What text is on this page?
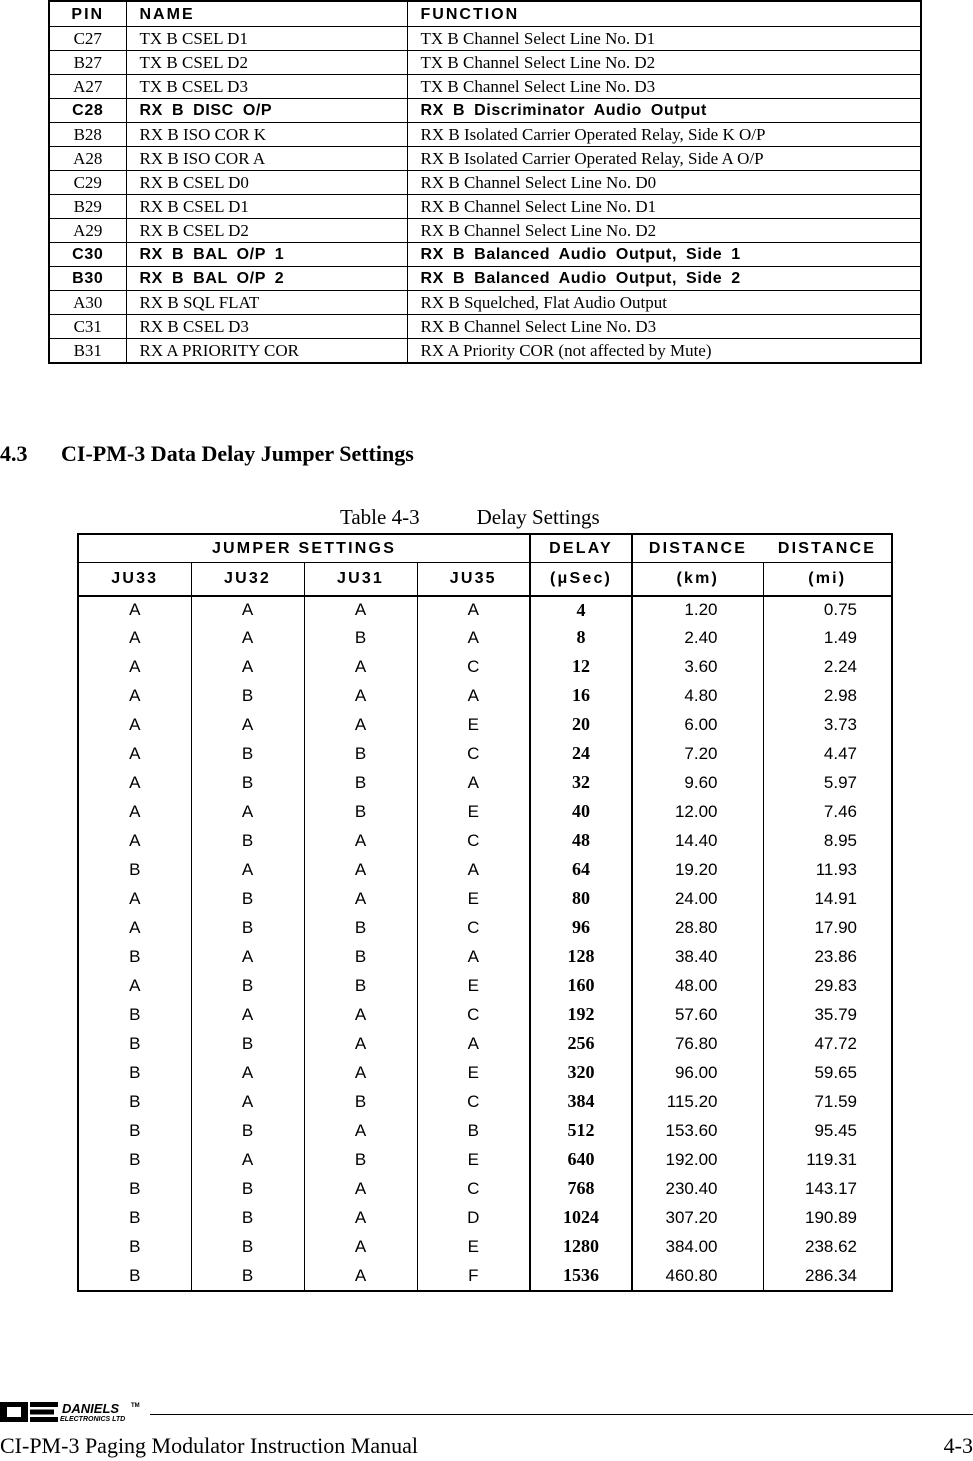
PIN	NAME	FUNCTION
C27	TX B CSEL D1	TX B Channel Select Line No. D1
B27	TX B CSEL D2	TX B Channel Select Line No. D2
A27	TX B CSEL D3	TX B Channel Select Line No. D3
C28	RX B DISC O/P	RX B Discriminator Audio Output
B28	RX B ISO COR K	RX B Isolated Carrier Operated Relay, Side K O/P
A28	RX B ISO COR A	RX B Isolated Carrier Operated Relay, Side A O/P
C29	RX B CSEL D0	RX B Channel Select Line No. D0
B29	RX B CSEL D1	RX B Channel Select Line No. D1
A29	RX B CSEL D2	RX B Channel Select Line No. D2
C30	RX B BAL O/P 1	RX B Balanced Audio Output, Side 1
B30	RX B BAL O/P 2	RX B Balanced Audio Output, Side 2
A30	RX B SQL FLAT	RX B Squelched, Flat Audio Output
C31	RX B CSEL D3	RX B Channel Select Line No. D3
B31	RX A PRIORITY COR	RX A Priority COR (not affected by Mute)
4.3 CI-PM-3 Data Delay Jumper Settings

Table 4-3	Delay Settings

JUMPER SETTINGS				DELAY	DISTANCE	DISTANCE
JU33	JU32	JU31	JU35	(μSec)	(km)	(mi)
A	A	A	A	4	1.20	0.75
A	A	B	A	8	2.40	1.49
A	A	A	C	12	3.60	2.24
A	B	A	A	16	4.80	2.98
A	A	A	E	20	6.00	3.73
A	B	B	C	24	7.20	4.47
A	B	B	A	32	9.60	5.97
A	A	B	E	40	12.00	7.46
A	B	A	C	48	14.40	8.95
B	A	A	A	64	19.20	11.93
A	B	A	E	80	24.00	14.91
A	B	B	C	96	28.80	17.90
B	A	B	A	128	38.40	23.86
A	B	B	E	160	48.00	29.83
B	A	A	C	192	57.60	35.79
B	B	A	A	256	76.80	47.72
B	A	A	E	320	96.00	59.65
B	A	B	C	384	115.20	71.59
B	B	A	B	512	153.60	95.45
B	A	B	E	640	192.00	119.31
B	B	A	C	768	230.40	143.17
B	B	A	D	1024	307.20	190.89
B	B	A	E	1280	384.00	238.62
B	B	A	F	1536	460.80	286.34
DANIELS TM
ELECTRONICS LTD

CI-PM-3 Paging Modulator Instruction Manual	4-3
